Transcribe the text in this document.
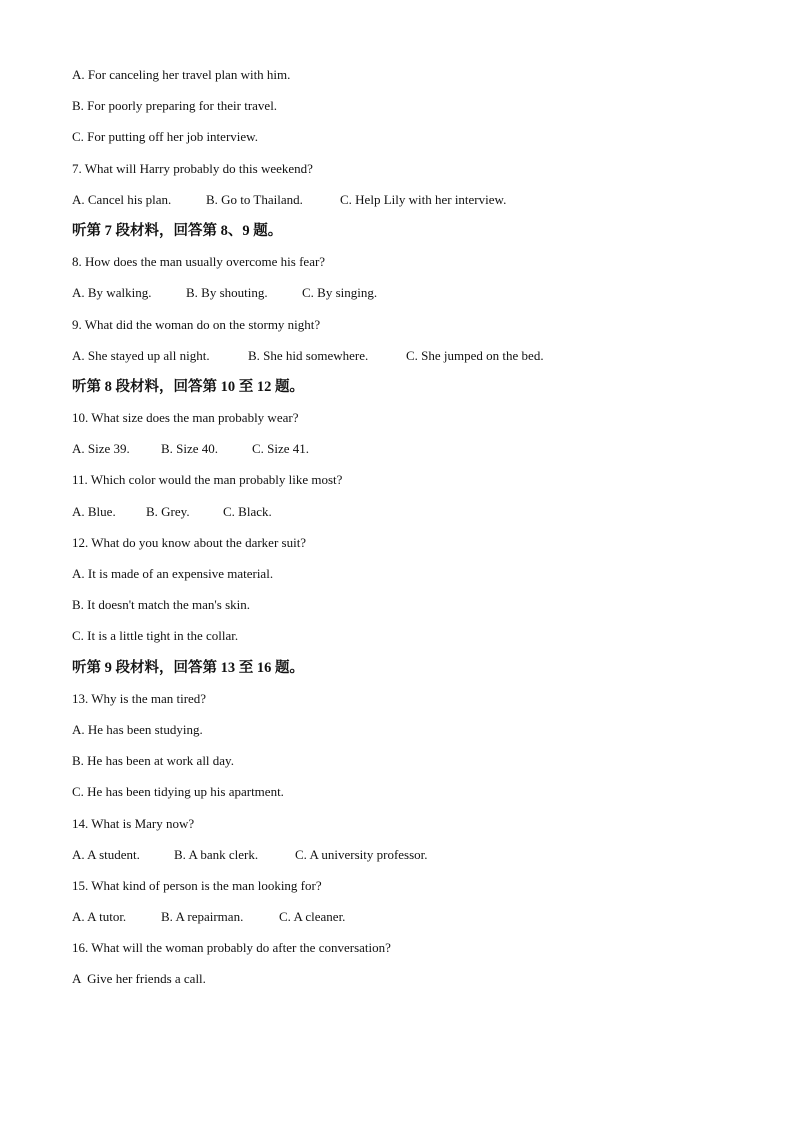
A. For canceling her travel plan with him.
B. For poorly preparing for their travel.
C. For putting off her job interview.
7. What will Harry probably do this weekend?
A. Cancel his plan.	B. Go to Thailand.	C. Help Lily with her interview.
听第 7 段材料，回答第 8、9 题。
8. How does the man usually overcome his fear?
A. By walking.	B. By shouting.	C. By singing.
9. What did the woman do on the stormy night?
A. She stayed up all night.	B. She hid somewhere.	C. She jumped on the bed.
听第 8 段材料，回答第 10 至 12 题。
10. What size does the man probably wear?
A. Size 39.	B. Size 40.	C. Size 41.
11. Which color would the man probably like most?
A. Blue.	B. Grey.	C. Black.
12. What do you know about the darker suit?
A. It is made of an expensive material.
B. It doesn't match the man's skin.
C. It is a little tight in the collar.
听第 9 段材料，回答第 13 至 16 题。
13. Why is the man tired?
A. He has been studying.
B. He has been at work all day.
C. He has been tidying up his apartment.
14. What is Mary now?
A. A student.	B. A bank clerk.	C. A university professor.
15. What kind of person is the man looking for?
A. A tutor.	B. A repairman.	C. A cleaner.
16. What will the woman probably do after the conversation?
A  Give her friends a call.
